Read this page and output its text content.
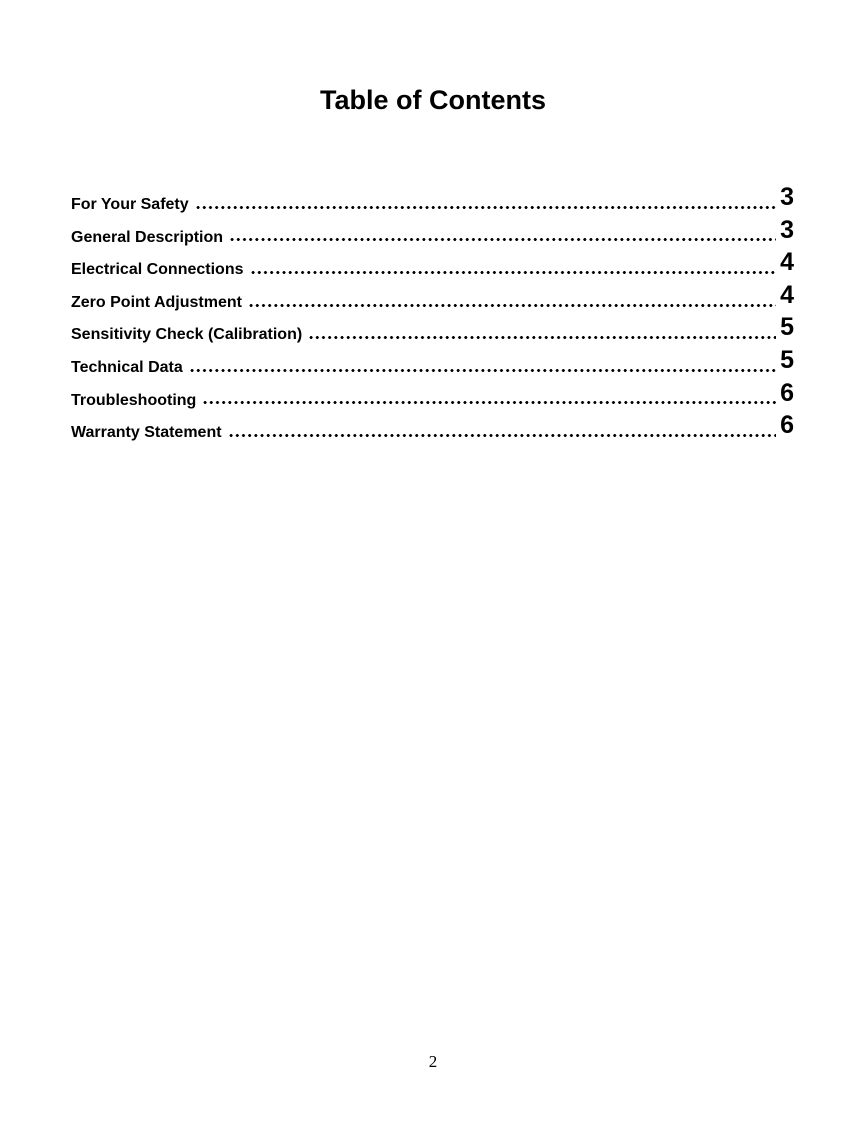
Table of Contents
For Your Safety	3
General Description	3
Electrical Connections	4
Zero Point Adjustment	4
Sensitivity Check (Calibration)	5
Technical Data	5
Troubleshooting	6
Warranty Statement	6
2
